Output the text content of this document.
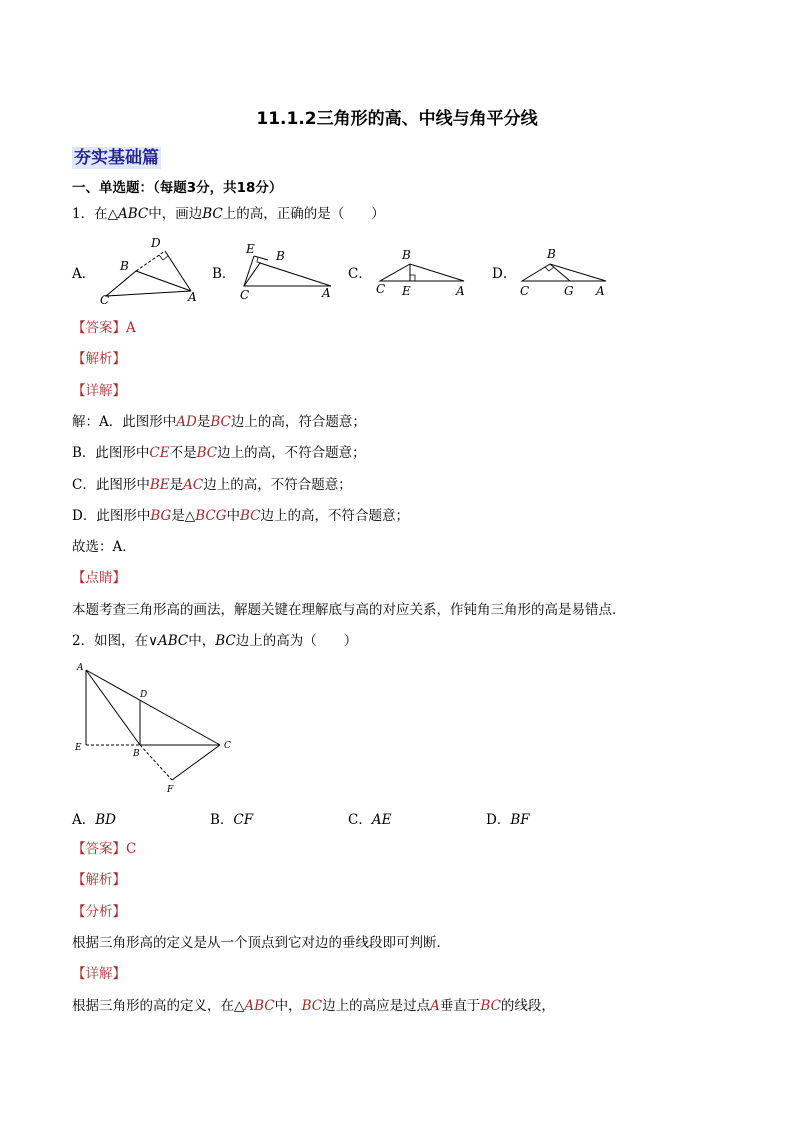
11.1.2三角形的高、中线与角平分线
夯实基础篇
一、单选题：（每题3分，共18分）
1．在△ABC中，画边BC上的高，正确的是（　　）
A．
D
B
C	A
B．
E B
C	A
C．
B
C E	A
D．
B
C	G A
【答案】A
【解析】
【详解】
解：A．此图形中AD是BC边上的高，符合题意；
B．此图形中CE不是BC边上的高，不符合题意；
C．此图形中BE是AC边上的高，不符合题意；
D．此图形中BG是△BCG中BC边上的高，不符合题意；
故选：A．
【点睛】
本题考查三角形高的画法，解题关键在理解底与高的对应关系，作钝角三角形的高是易错点．
2．如图，在∨ABC中，BC边上的高为（　　）
A
D
E
B
C
F
A．BD	B．CF	C．AE	D．BF
【答案】C
【解析】
【分析】
根据三角形高的定义是从一个顶点到它对边的垂线段即可判断．
【详解】
根据三角形的高的定义，在△ABC中，BC边上的高应是过点A垂直于BC的线段，
